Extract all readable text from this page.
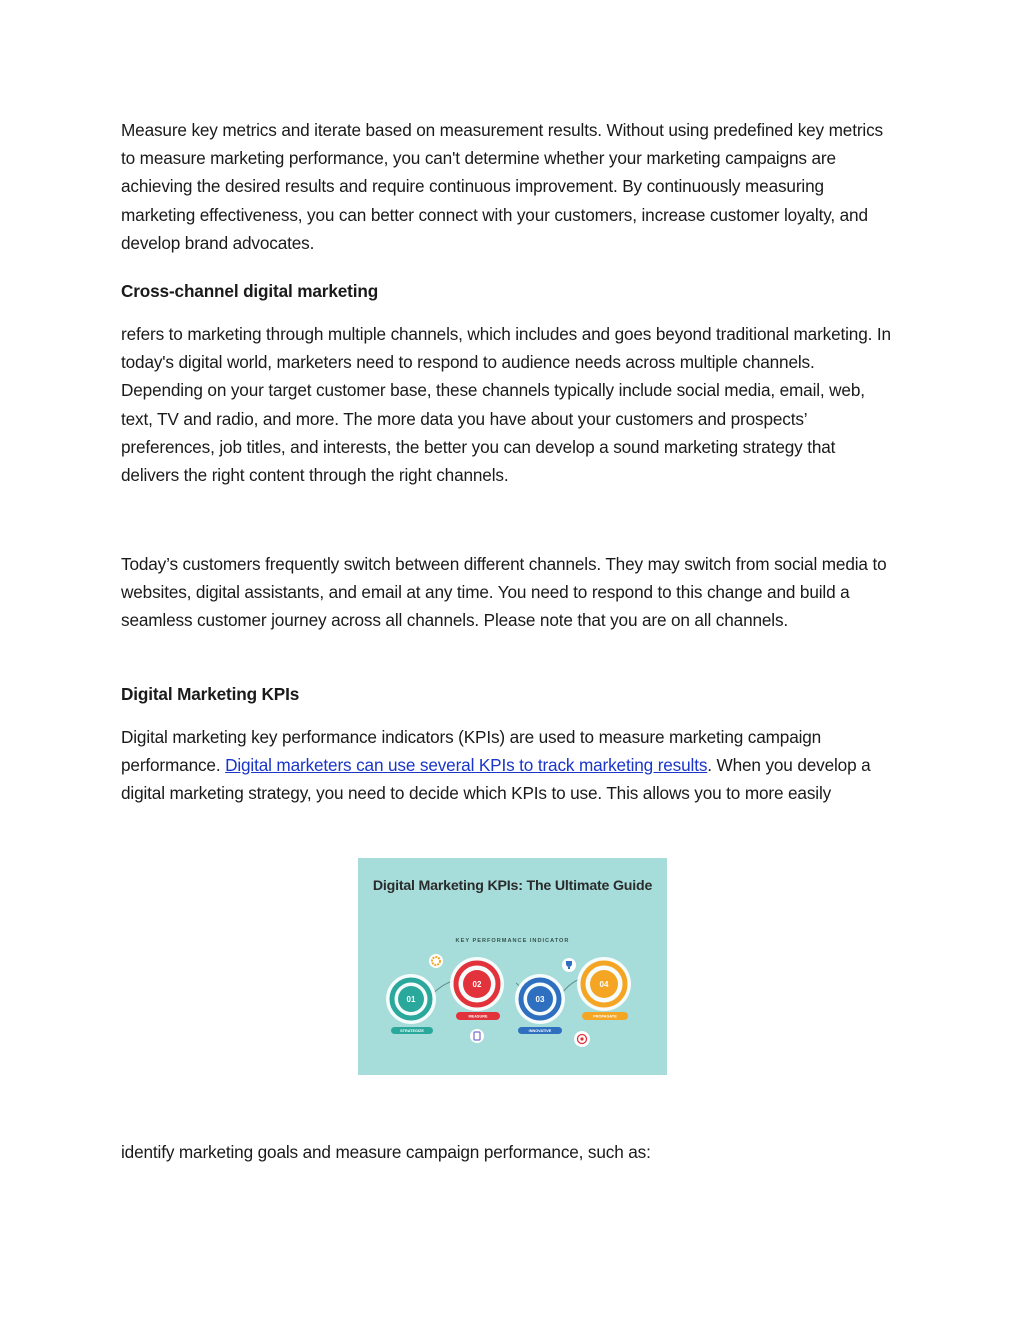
Measure key metrics and iterate based on measurement results. Without using predefined key metrics to measure marketing performance, you can't determine whether your marketing campaigns are achieving the desired results and require continuous improvement. By continuously measuring marketing effectiveness, you can better connect with your customers, increase customer loyalty, and develop brand advocates.

Cross-channel digital marketing

refers to marketing through multiple channels, which includes and goes beyond traditional marketing. In today's digital world, marketers need to respond to audience needs across multiple channels. Depending on your target customer base, these channels typically include social media, email, web, text, TV and radio, and more. The more data you have about your customers and prospects’ preferences, job titles, and interests, the better you can develop a sound marketing strategy that delivers the right content through the right channels.

Today’s customers frequently switch between different channels. They may switch from social media to websites, digital assistants, and email at any time. You need to respond to this change and build a seamless customer journey across all channels. Please note that you are on all channels.

Digital Marketing KPIs

Digital marketing key performance indicators (KPIs) are used to measure marketing campaign performance. Digital marketers can use several KPIs to track marketing results. When you develop a digital marketing strategy, you need to decide which KPIs to use. This allows you to more easily

identify marketing goals and measure campaign performance, such as:

Digital Marketing KPIs: The Ultimate Guide
KEY PERFORMANCE INDICATOR
01
STRATEGIZE
02
MEASURE
03
INNOVATIVE
04
PROPAGATE
